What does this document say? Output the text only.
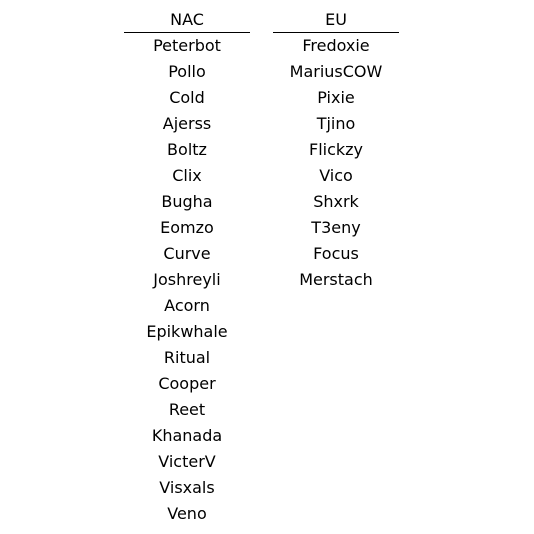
NAC
Peterbot
Pollo
Cold
Ajerss
Boltz
Clix
Bugha
Eomzo
Curve
Joshreyli
Acorn
Epikwhale
Ritual
Cooper
Reet
Khanada
VicterV
Visxals
Veno
EU
Fredoxie
MariusCOW
Pixie
Tjino
Flickzy
Vico
Shxrk
T3eny
Focus
Merstach
